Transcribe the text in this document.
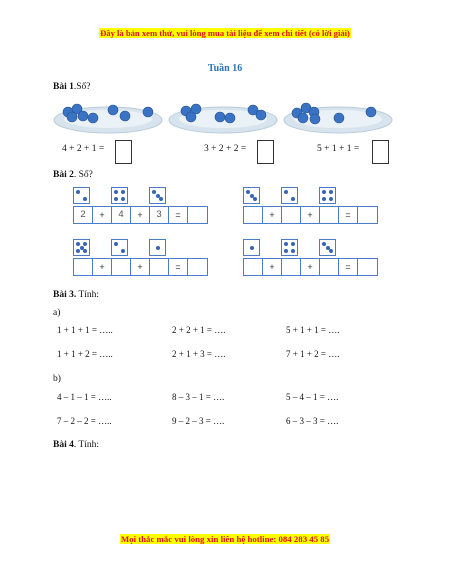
Đây là bản xem thử, vui lòng mua tài liệu để xem chi tiết (có lời giải)
Tuần 16
Bài 1.Số?
4 + 2 + 1 =	3 + 2 + 2 =	5 + 1 + 1 =
Bài 2. Số?
2	+	4	+	3	=	+	+	=
+	+	=	+	+	=
Bài 3. Tính:
a)
1 + 1 + 1 = …..	2 + 2 + 1 = ….	5 + 1 + 1 = ….
1 + 1 + 2 = …..	2 + 1 + 3 = ….	7 + 1 + 2 = ….
b)
4 – 1 – 1 = …..	8 – 3 – 1 = ….	5 – 4 – 1 = ….
7 – 2 – 2 = …..	9 – 2 – 3 = ….	6 – 3 – 3 = ….
Bài 4. Tính:
Mọi thắc mắc vui lòng xin liên hệ hotline: 084 283 45 85
